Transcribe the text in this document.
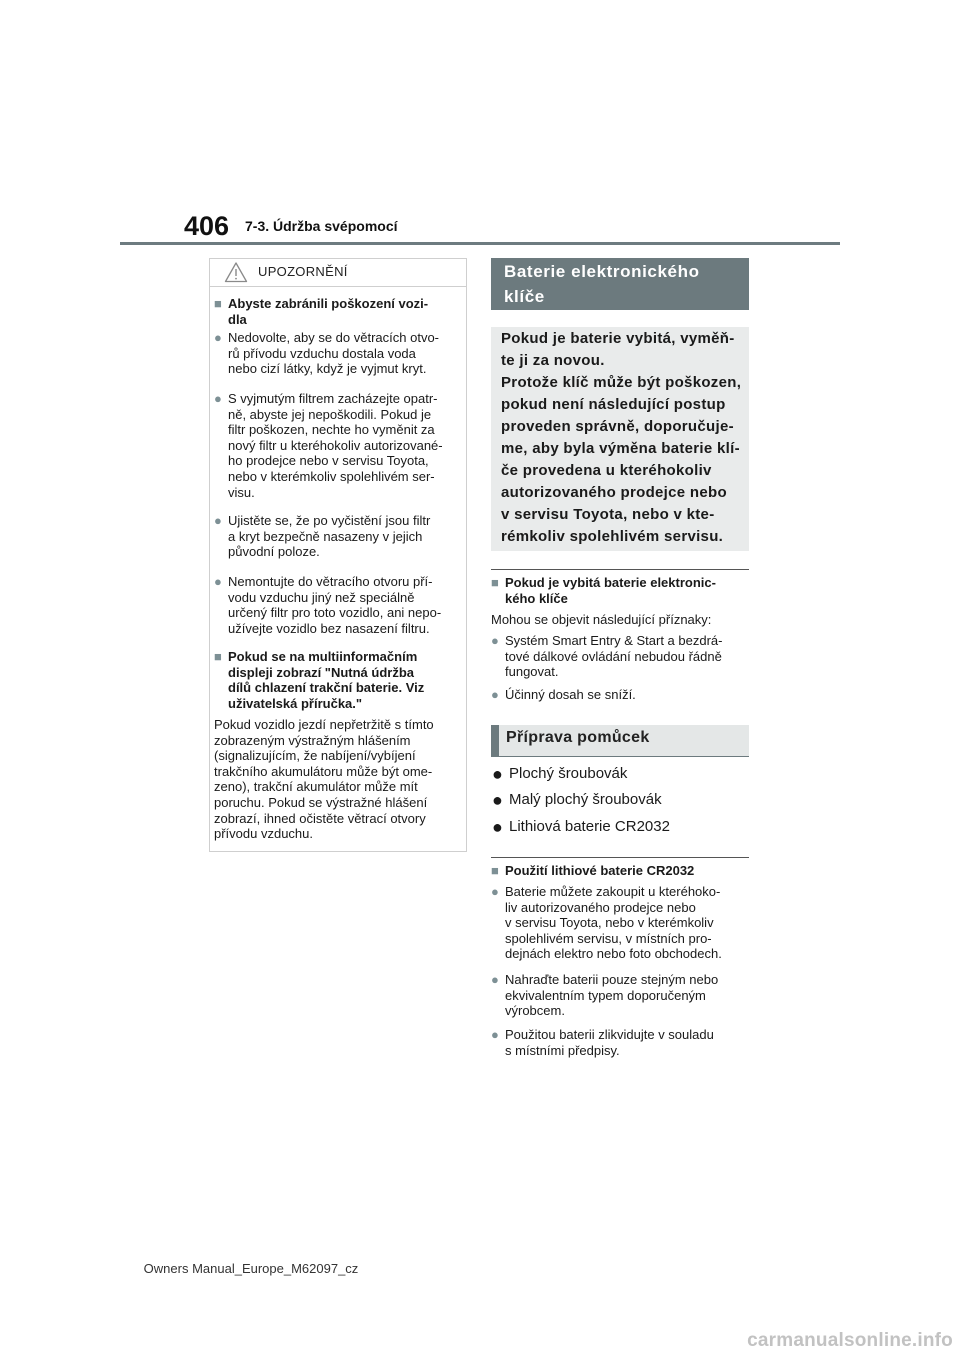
406 7-3. Údržba svépomocí
UPOZORNĚNÍ
■ Abyste zabránili poškození vozi-
dla
● Nedovolte, aby se do větracích otvo-
rů přívodu vzduchu dostala voda
nebo cizí látky, když je vyjmut kryt.
● S vyjmutým filtrem zacházejte opatr-
ně, abyste jej nepoškodili. Pokud je
filtr poškozen, nechte ho vyměnit za
nový filtr u kteréhokoliv autorizované-
ho prodejce nebo v servisu Toyota,
nebo v kterémkoliv spolehlivém ser-
visu.
● Ujistěte se, že po vyčistění jsou filtr
a kryt bezpečně nasazeny v jejich
původní poloze.
● Nemontujte do větracího otvoru pří-
vodu vzduchu jiný než speciálně
určený filtr pro toto vozidlo, ani nepo-
užívejte vozidlo bez nasazení filtru.
■ Pokud se na multiinformačním
displeji zobrazí "Nutná údržba
dílů chlazení trakční baterie. Viz
uživatelská příručka."
Pokud vozidlo jezdí nepřetržitě s tímto
zobrazeným výstražným hlášením
(signalizujícím, že nabíjení/vybíjení
trakčního akumulátoru může být ome-
zeno), trakční akumulátor může mít
poruchu. Pokud se výstražné hlášení
zobrazí, ihned očistěte větrací otvory
přívodu vzduchu.
Baterie elektronického
klíče
Pokud je baterie vybitá, vyměň-
te ji za novou.
Protože klíč může být poškozen,
pokud není následující postup
proveden správně, doporučuje-
me, aby byla výměna baterie klí-
če provedena u kteréhokoliv
autorizovaného prodejce nebo
v servisu Toyota, nebo v kte-
rémkoliv spolehlivém servisu.
■ Pokud je vybitá baterie elektronic-
kého klíče
Mohou se objevit následující příznaky:
● Systém Smart Entry & Start a bezdrá-
tové dálkové ovládání nebudou řádně
fungovat.
● Účinný dosah se sníží.
Příprava pomůcek
● Plochý šroubovák
● Malý plochý šroubovák
● Lithiová baterie CR2032
■ Použití lithiové baterie CR2032
● Baterie můžete zakoupit u kteréhoko-
liv autorizovaného prodejce nebo
v servisu Toyota, nebo v kterémkoliv
spolehlivém servisu, v místních pro-
dejnách elektro nebo foto obchodech.
● Nahraďte baterii pouze stejným nebo
ekvivalentním typem doporučeným
výrobcem.
● Použitou baterii zlikvidujte v souladu
s místními předpisy.
Owners Manual_Europe_M62097_cz
carmanualsonline.info
